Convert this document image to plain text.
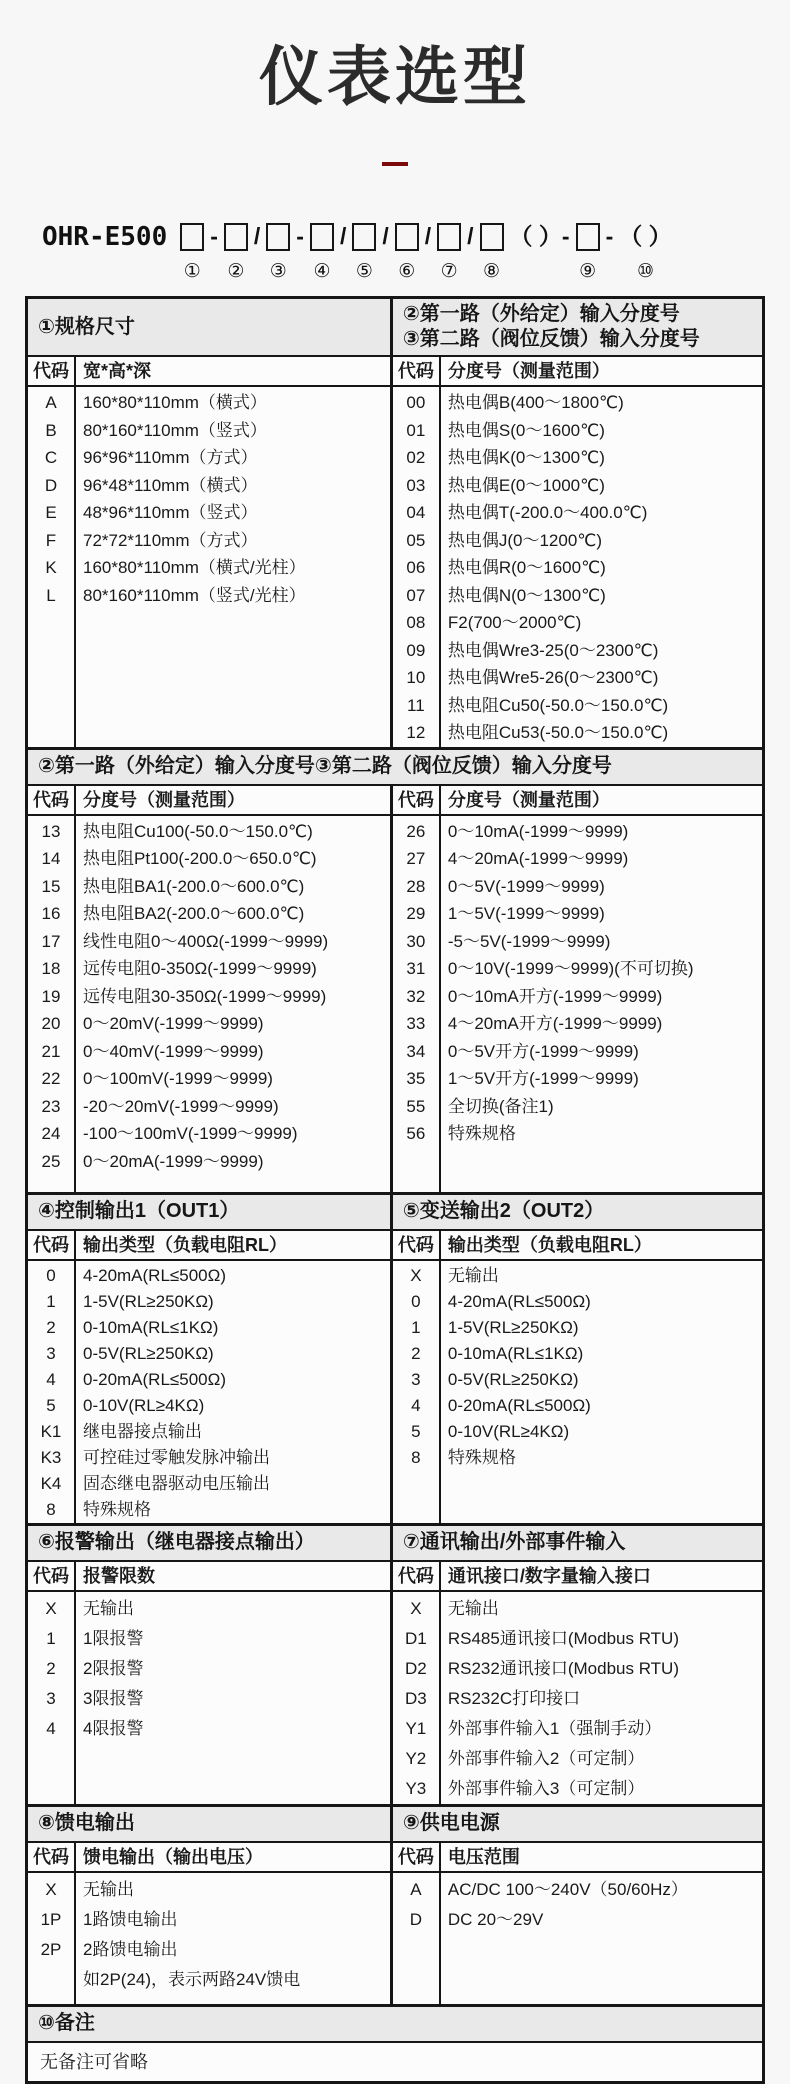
仪表选型
OHR-E500
①
-
②
/
③
-
④
/
⑤
/
⑥
/
⑦
/
⑧
（ ）-
⑨
- （ ）
⑩
①规格尺寸
代码 宽*高*深
A	160*80*110mm（横式）
B	80*160*110mm（竖式）
C	96*96*110mm（方式）
D	96*48*110mm（横式）
E	48*96*110mm（竖式）
F	72*72*110mm（方式）
K	160*80*110mm（横式/光柱）
L	80*160*110mm（竖式/光柱）
②第一路（外给定）输入分度号
③第二路（阀位反馈）输入分度号
代码 分度号（测量范围）
00	热电偶B(400～1800℃)
01	热电偶S(0～1600℃)
02	热电偶K(0～1300℃)
03	热电偶E(0～1000℃)
04	热电偶T(-200.0～400.0℃)
05	热电偶J(0～1200℃)
06	热电偶R(0～1600℃)
07	热电偶N(0～1300℃)
08	F2(700～2000℃)
09	热电偶Wre3-25(0～2300℃)
10	热电偶Wre5-26(0～2300℃)
11	热电阻Cu50(-50.0～150.0℃)
12	热电阻Cu53(-50.0～150.0℃)
②第一路（外给定）输入分度号③第二路（阀位反馈）输入分度号
代码 分度号（测量范围）
13	热电阻Cu100(-50.0～150.0℃)
14	热电阻Pt100(-200.0～650.0℃)
15	热电阻BA1(-200.0～600.0℃)
16	热电阻BA2(-200.0～600.0℃)
17	线性电阻0～400Ω(-1999～9999)
18	远传电阻0-350Ω(-1999～9999)
19	远传电阻30-350Ω(-1999～9999)
20	0～20mV(-1999～9999)
21	0～40mV(-1999～9999)
22	0～100mV(-1999～9999)
23	-20～20mV(-1999～9999)
24	-100～100mV(-1999～9999)
25	0～20mA(-1999～9999)
代码 分度号（测量范围）
26	0～10mA(-1999～9999)
27	4～20mA(-1999～9999)
28	0～5V(-1999～9999)
29	1～5V(-1999～9999)
30	-5～5V(-1999～9999)
31	0～10V(-1999～9999)(不可切换)
32	0～10mA开方(-1999～9999)
33	4～20mA开方(-1999～9999)
34	0～5V开方(-1999～9999)
35	1～5V开方(-1999～9999)
55	全切换(备注1)
56	特殊规格
④控制输出1（OUT1）
代码 输出类型（负载电阻RL）
0	4-20mA(RL≤500Ω)
1	1-5V(RL≥250KΩ)
2	0-10mA(RL≤1KΩ)
3	0-5V(RL≥250KΩ)
4	0-20mA(RL≤500Ω)
5	0-10V(RL≥4KΩ)
K1	继电器接点输出
K3	可控硅过零触发脉冲输出
K4	固态继电器驱动电压输出
8	特殊规格
⑤变送输出2（OUT2）
代码 输出类型（负载电阻RL）
X	无输出
0	4-20mA(RL≤500Ω)
1	1-5V(RL≥250KΩ)
2	0-10mA(RL≤1KΩ)
3	0-5V(RL≥250KΩ)
4	0-20mA(RL≤500Ω)
5	0-10V(RL≥4KΩ)
8	特殊规格
⑥报警输出（继电器接点输出）
代码 报警限数
X	无输出
1	1限报警
2	2限报警
3	3限报警
4	4限报警
⑦通讯输出/外部事件输入
代码 通讯接口/数字量输入接口
X	无输出
D1	RS485通讯接口(Modbus RTU)
D2	RS232通讯接口(Modbus RTU)
D3	RS232C打印接口
Y1	外部事件输入1（强制手动）
Y2	外部事件输入2（可定制）
Y3	外部事件输入3（可定制）
⑧馈电输出
代码 馈电输出（输出电压）
X	无输出
1P	1路馈电输出
2P	2路馈电输出
如2P(24)，表示两路24V馈电
⑨供电电源
代码 电压范围
A	AC/DC 100～240V（50/60Hz）
D	DC 20～29V
⑩备注
无备注可省略
